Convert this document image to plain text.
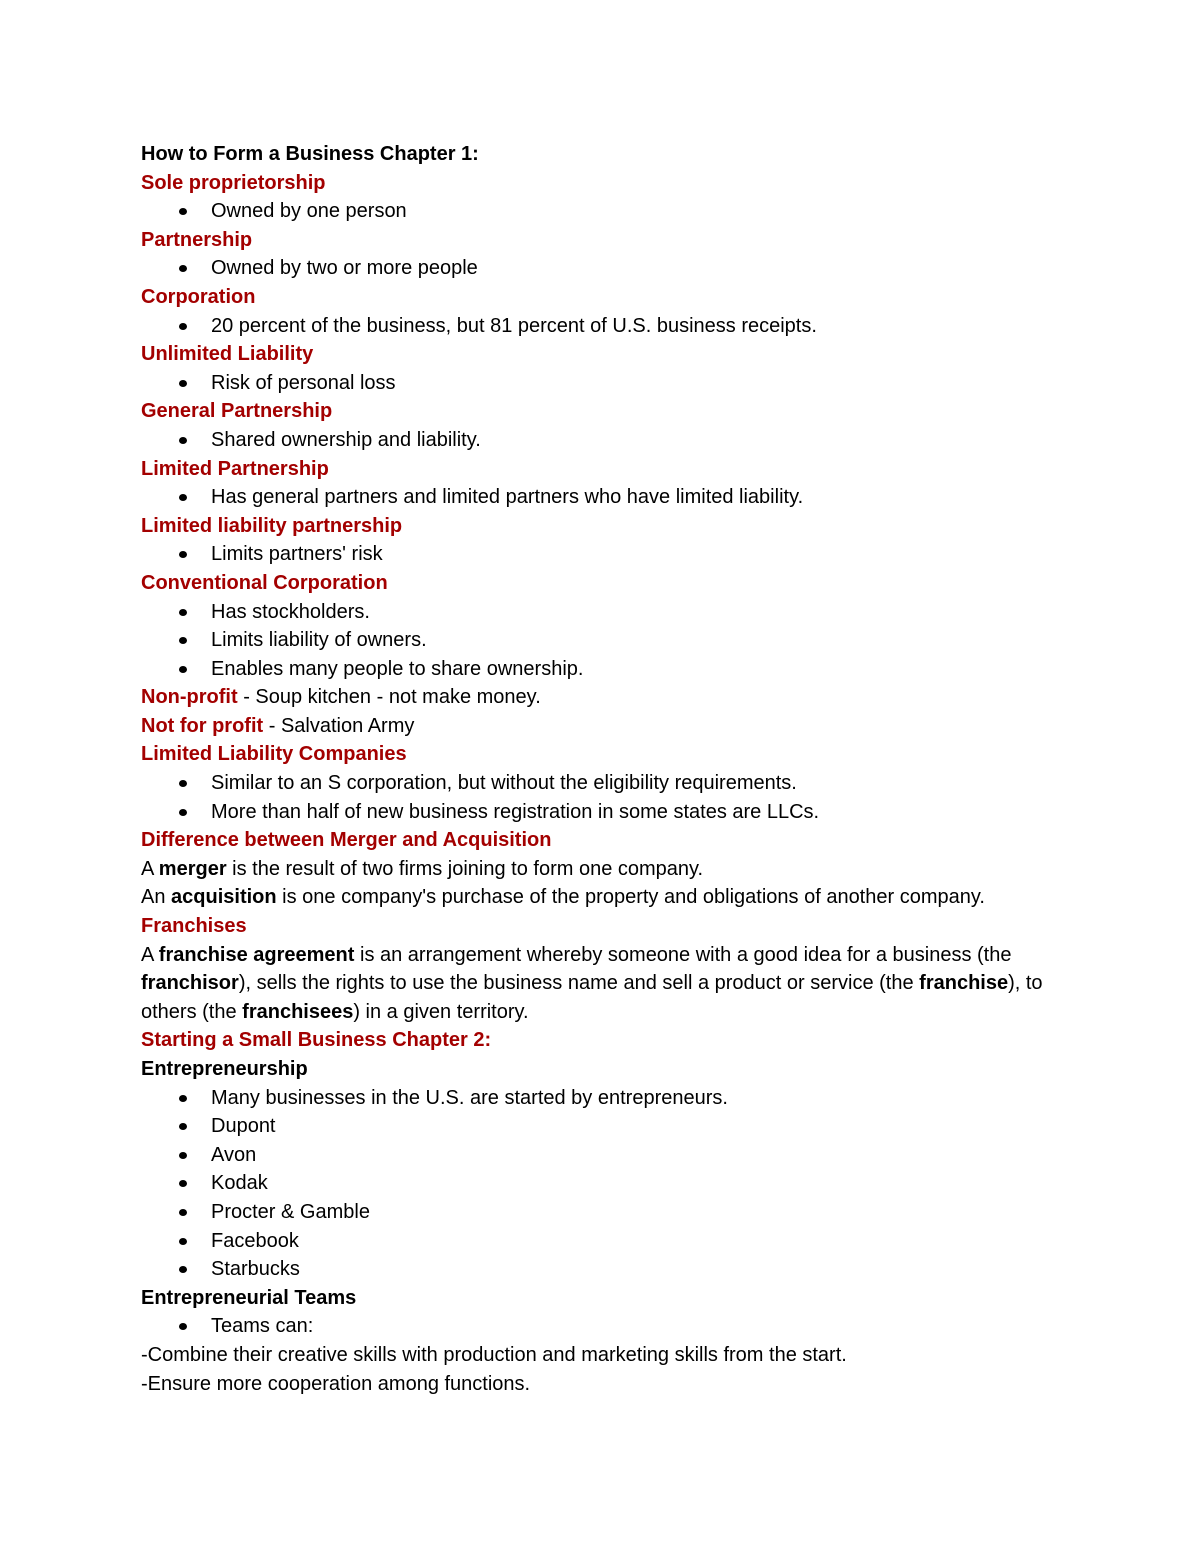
How to Form a Business Chapter 1:
Sole proprietorship
Owned by one person
Partnership
Owned by two or more people
Corporation
20 percent of the business, but 81 percent of U.S. business receipts.
Unlimited Liability
Risk of personal loss
General Partnership
Shared ownership and liability.
Limited Partnership
Has general partners and limited partners who have limited liability.
Limited liability partnership
Limits partners' risk
Conventional Corporation
Has stockholders.
Limits liability of owners.
Enables many people to share ownership.
Non-profit - Soup kitchen - not make money.
Not for profit - Salvation Army
Limited Liability Companies
Similar to an S corporation, but without the eligibility requirements.
More than half of new business registration in some states are LLCs.
Difference between Merger and Acquisition
A merger is the result of two firms joining to form one company.
An acquisition is one company's purchase of the property and obligations of another company.
Franchises
A franchise agreement is an arrangement whereby someone with a good idea for a business (the franchisor), sells the rights to use the business name and sell a product or service (the franchise), to others (the franchisees) in a given territory.
Starting a Small Business Chapter 2:
Entrepreneurship
Many businesses in the U.S. are started by entrepreneurs.
Dupont
Avon
Kodak
Procter & Gamble
Facebook
Starbucks
Entrepreneurial Teams
Teams can:
-Combine their creative skills with production and marketing skills from the start.
-Ensure more cooperation among functions.
